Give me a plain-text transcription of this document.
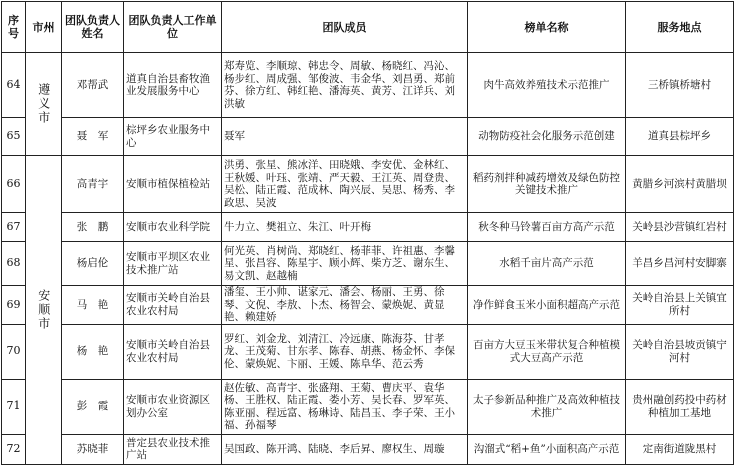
序号	市州	团队负责人姓名	团队负责人工作单位	团队成员	榜单名称	服务地点
64	遵义市	邓帮武	道真自治县畜牧渔业发展服务中心	郑寿览、李顺琼、韩忠令、周敏、杨晓红、冯沁、杨步红、周成强、邹俊波、韦金华、刘昌勇、郑前芬、徐方红、韩红艳、潘海英、黄芳、江详兵、刘洪敏	肉牛高效养殖技术示范推广	三桥镇桥塘村
65		聂　军	棕坪乡农业服务中心	聂军	动物防疫社会化服务示范创建	道真县棕坪乡
66	安顺市	高青宇	安顺市植保植检站	洪勇、张星、熊冰洋、田晓娥、李安优、金林红、王秋媛、叶珏、张靖、严天毅、王江英、周登贵、吴松、陆正霞、范成林、陶兴辰、吴思、杨秀、李政思、吴波	稻药剂拌种减药增效及绿色防控关键技术推广	黄腊乡河滨村黄腊坝
67		张　鹏	安顺市农业科学院	牛力立、樊祖立、朱江、叶开梅	秋冬种马铃薯百亩方高产示范	关岭县沙营镇红岩村
68		杨启伦	安顺市平坝区农业技术推广站	何光英、肖树尚、郑晓红、杨菲菲、许祖惠、李馨星、张昌容、陈星宇、顾小辉、柴方芝、谢东生、易文凯、赵越楠	水稻千亩片高产示范	羊昌乡昌河村安脚寨
69		马　艳	安顺市关岭自治县农业农村局	潘玺、王小帅、谌家元、潘会、杨丽、王勇、徐琴、文倪、李敖、卜杰、杨智会、蒙焕妮、黄显艳、赖建娇	净作鲜食玉米小面积超高产示范	关岭自治县上关镇宜所村
70		杨　艳	安顺市关岭自治县农业农村局	罗红、刘金龙、刘清江、冷远康、陈海芬、甘孝龙、王茂菊、甘东孝、陈春、胡燕、杨金怀、李保伦、蒙焕妮、卞丽、王媛、陈阜华、范云秀	百亩方大豆玉米带状复合种植模式大豆高产示范	关岭自治县坡贡镇宁河村
71		彭　霞	安顺市农业资源区划办公室	赵佐敏、高青宇、张盛翔、王菊、曹庆平、袁华杨、王胜权、陆正霞、娄小芳、吴长春、罗军英、陈亚丽、程远富、杨琳诗、陆昌玉、李子荣、王小福、孙福琴	太子参新品种推广及高效种植技术推广	贵州融创药投中药材种植加工基地
72		苏晓菲	普定县农业技术推广站	吴国政、陈开鸿、陆晓、李后昇、廖权生、周璇	沟溜式“稻+鱼”小面积高产示范	定南街道陇黑村
